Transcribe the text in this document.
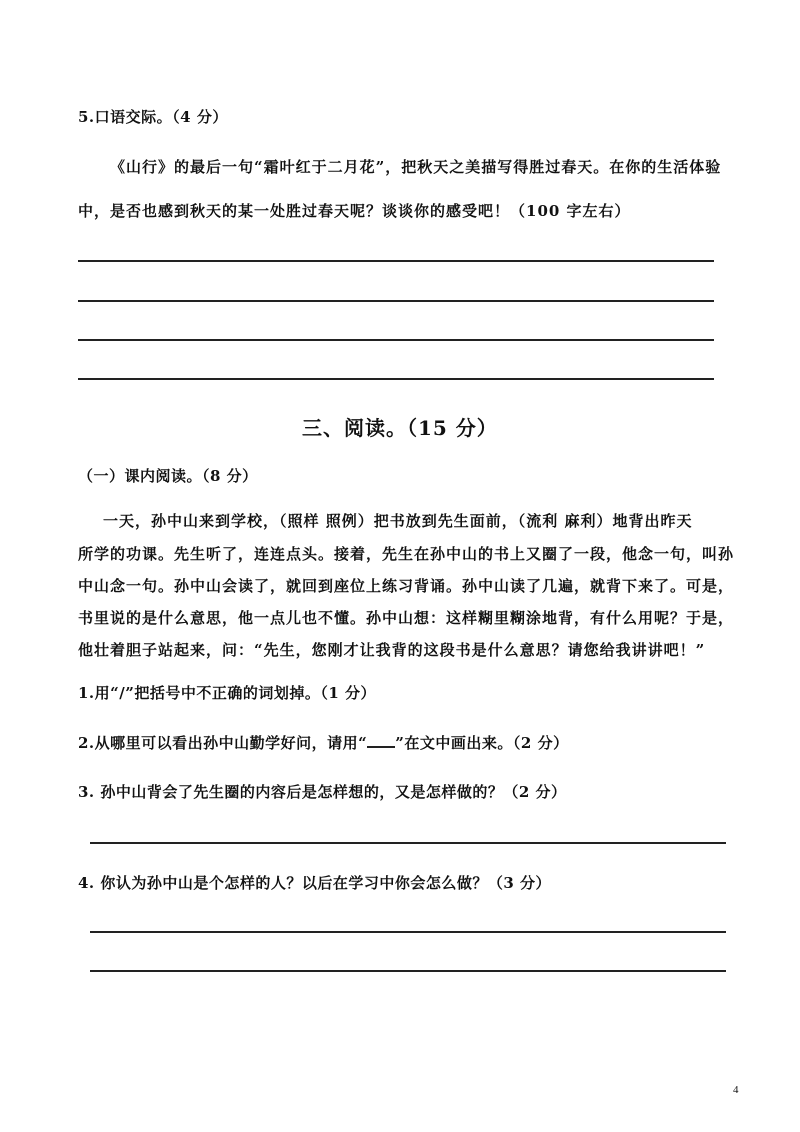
5.口语交际。（4 分）
《山行》的最后一句“霜叶红于二月花”，把秋天之美描写得胜过春天。在你的生活体验
中，是否也感到秋天的某一处胜过春天呢？谈谈你的感受吧！（100 字左右）
三、阅读。（15 分）
（一）课内阅读。（8 分）
一天，孙中山来到学校，（照样 照例）把书放到先生面前，（流利 麻利）地背出昨天
所学的功课。先生听了，连连点头。接着，先生在孙中山的书上又圈了一段，他念一句，叫孙
中山念一句。孙中山会读了，就回到座位上练习背诵。孙中山读了几遍，就背下来了。可是，
书里说的是什么意思，他一点儿也不懂。孙中山想：这样糊里糊涂地背，有什么用呢？于是，
他壮着胆子站起来，问：“先生，您刚才让我背的这段书是什么意思？请您给我讲讲吧！”
1.用“/”把括号中不正确的词划掉。（1 分）
2.从哪里可以看出孙中山勤学好问，请用“ ”在文中画出来。（2 分）
3. 孙中山背会了先生圈的内容后是怎样想的，又是怎样做的？（2 分）
4. 你认为孙中山是个怎样的人？以后在学习中你会怎么做？（3 分）
4
